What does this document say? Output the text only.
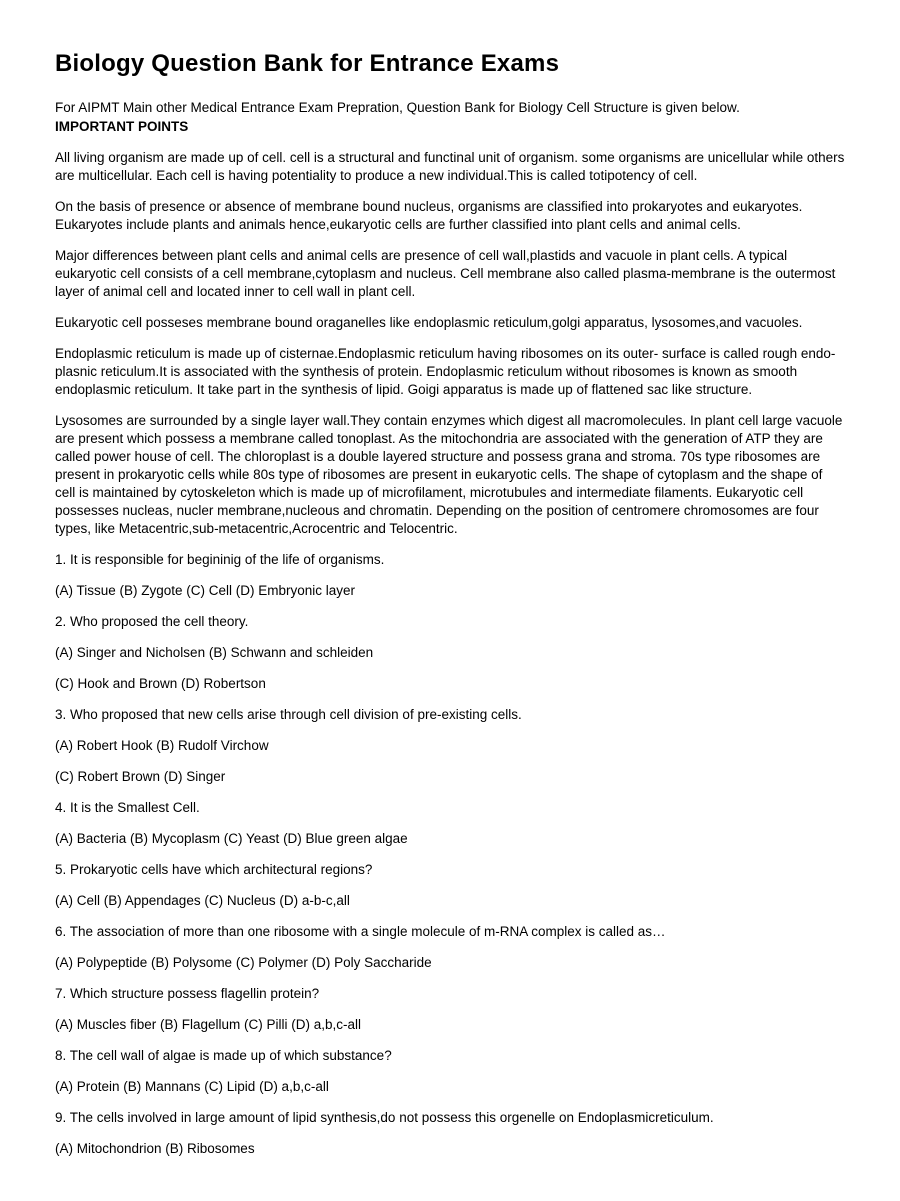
Biology Question Bank for Entrance Exams
For AIPMT Main other Medical Entrance Exam Prepration, Question Bank for Biology Cell Structure is given below.
IMPORTANT POINTS

All living organism are made up of cell. cell is a structural and functinal unit of organism. some organisms are unicellular while others are multicellular. Each cell is having potentiality to produce a new individual.This is called totipotency of cell.

On the basis of presence or absence of membrane bound nucleus, organisms are classified into prokaryotes and eukaryotes. Eukaryotes include plants and animals hence,eukaryotic cells are further classified into plant cells and animal cells.

Major differences between plant cells and animal cells are presence of cell wall,plastids and vacuole in plant cells. A typical eukaryotic cell consists of a cell membrane,cytoplasm and nucleus. Cell membrane also called plasma-membrane is the outermost layer of animal cell and located inner to cell wall in plant cell.

Eukaryotic cell posseses membrane bound oraganelles like endoplasmic reticulum,golgi apparatus, lysosomes,and vacuoles.

Endoplasmic reticulum is made up of cisternae.Endoplasmic reticulum having ribosomes on its outer- surface is called rough endo- plasnic reticulum.It is associated with the synthesis of protein. Endoplasmic reticulum without ribosomes is known as smooth endoplasmic reticulum. It take part in the synthesis of lipid. Goigi apparatus is made up of flattened sac like structure.

Lysosomes are surrounded by a single layer wall.They contain enzymes which digest all macromolecules. In plant cell large vacuole are present which possess a membrane called tonoplast. As the mitochondria are associated with the generation of ATP they are called power house of cell. The chloroplast is a double layered structure and possess grana and stroma. 70s type ribosomes are present in prokaryotic cells while 80s type of ribosomes are present in eukaryotic cells. The shape of cytoplasm and the shape of cell is maintained by cytoskeleton which is made up of microfilament, microtubules and intermediate filaments. Eukaryotic cell possesses nucleas, nucler membrane,nucleous and chromatin. Depending on the position of centromere chromosomes are four types, like Metacentric,sub-metacentric,Acrocentric and Telocentric.

1. It is responsible for begininig of the life of organisms.

(A) Tissue (B) Zygote (C) Cell (D) Embryonic layer

2. Who proposed the cell theory.

(A) Singer and Nicholsen (B) Schwann and schleiden

(C) Hook and Brown (D) Robertson

3. Who proposed that new cells arise through cell division of pre-existing cells.

(A) Robert Hook (B) Rudolf Virchow

(C) Robert Brown (D) Singer

4. It is the Smallest Cell.

(A) Bacteria (B) Mycoplasm (C) Yeast (D) Blue green algae

5. Prokaryotic cells have which architectural regions?

(A) Cell (B) Appendages (C) Nucleus (D) a-b-c,all

6. The association of more than one ribosome with a single molecule of m-RNA complex is called as…

(A) Polypeptide (B) Polysome (C) Polymer (D) Poly Saccharide

7. Which structure possess flagellin protein?

(A) Muscles fiber (B) Flagellum (C) Pilli (D) a,b,c-all

8. The cell wall of algae is made up of which substance?

(A) Protein (B) Mannans (C) Lipid (D) a,b,c-all

9. The cells involved in large amount of lipid synthesis,do not possess this orgenelle on Endoplasmicreticulum.

(A) Mitochondrion (B) Ribosomes
